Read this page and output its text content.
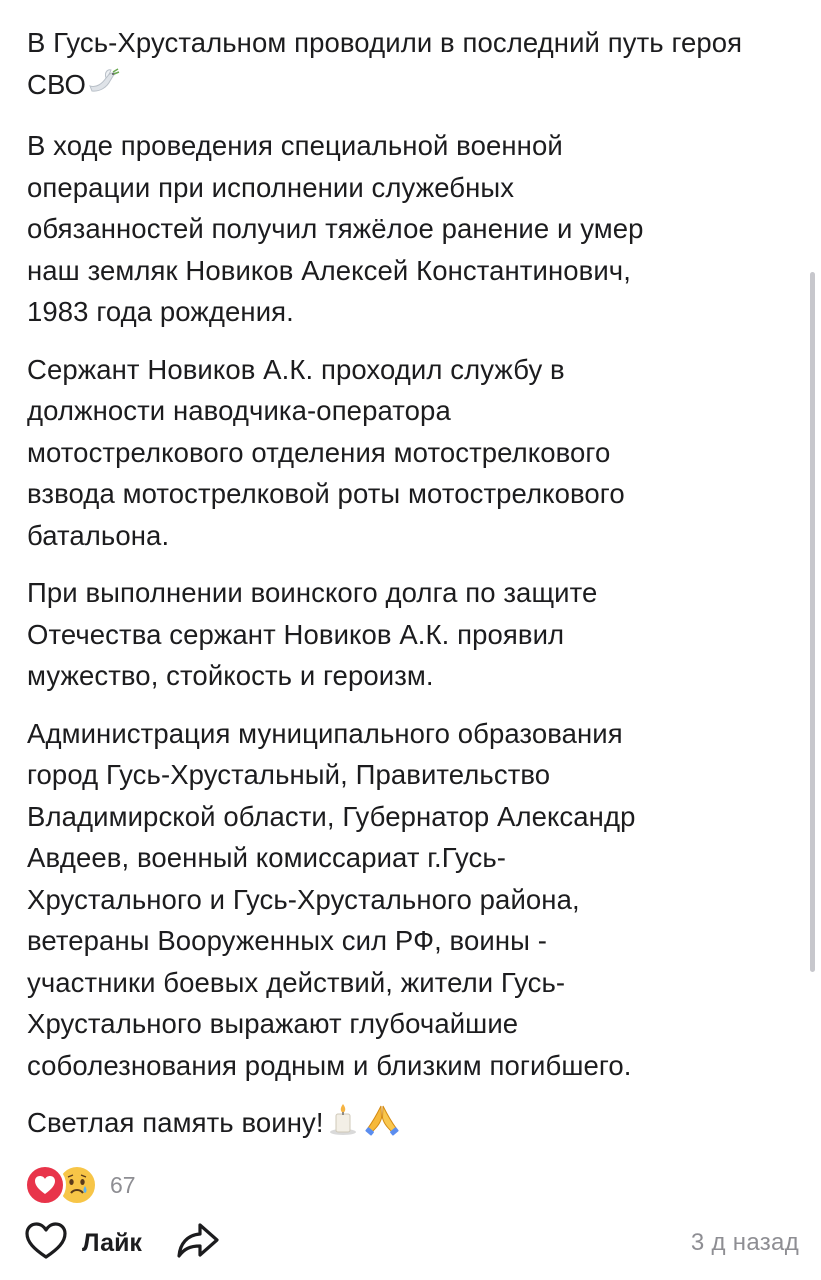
В Гусь-Хрустальном проводили в последний путь героя СВО

В ходе проведения специальной военной
операции при исполнении служебных
обязанностей получил тяжёлое ранение и умер
наш земляк Новиков Алексей Константинович,
1983 года рождения.

Сержант Новиков А.К. проходил службу в
должности наводчика-оператора
мотострелкового отделения мотострелкового
взвода мотострелковой роты мотострелкового
батальона.

При выполнении воинского долга по защите
Отечества сержант Новиков А.К. проявил
мужество, стойкость и героизм.

Администрация муниципального образования
город Гусь-Хрустальный, Правительство
Владимирской области, Губернатор Александр
Авдеев, военный комиссариат г.Гусь-
Хрустального и Гусь-Хрустального района,
ветераны Вооруженных сил РФ, воины -
участники боевых действий, жители Гусь-
Хрустального выражают глубочайшие
соболезнования родным и близким погибшего.

Светлая память воину!

67
Лайк	3 д назад
